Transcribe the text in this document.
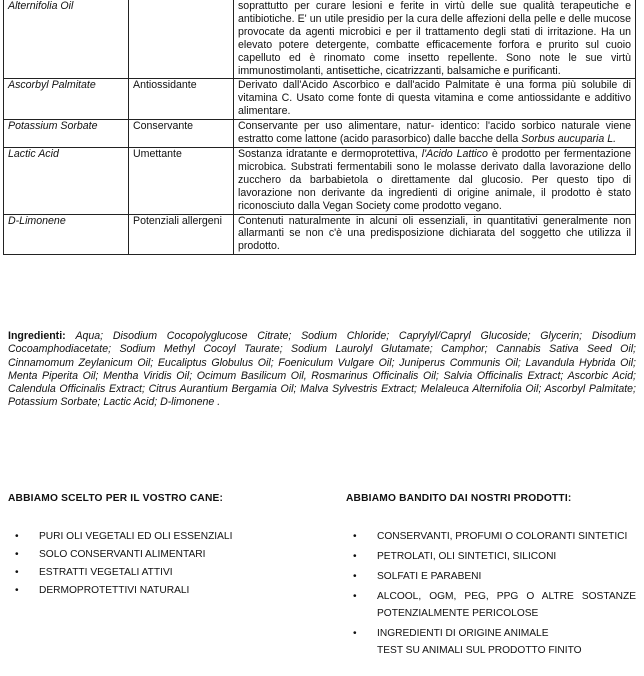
Alternifolia Oil		soprattutto per curare lesioni e ferite in virtù delle sue qualità terapeutiche e antibiotiche. E' un utile presidio per la cura delle affezioni della pelle e delle mucose provocate da agenti microbici e per il trattamento degli stati di irritazione. Ha un elevato potere detergente, combatte efficacemente forfora e prurito sul cuoio capelluto ed è rinomato come insetto repellente. Sono note le sue virtù immunostimolanti, antisettiche, cicatrizzanti, balsamiche e purificanti.
Ascorbyl Palmitate	Antiossidante	Derivato dall'Acido Ascorbico e dall'acido Palmitate è una forma più solubile di vitamina C. Usato come fonte di questa vitamina e come antiossidante e additivo alimentare.
Potassium Sorbate	Conservante	Conservante per uso alimentare, natur- identico: l'acido sorbico naturale viene estratto come lattone (acido parasorbico) dalle bacche della Sorbus aucuparia L.
Lactic Acid	Umettante	Sostanza idratante e dermoprotettiva, l'Acido Lattico è prodotto per fermentazione microbica. Substrati fermentabili sono le molasse derivato dalla lavorazione dello zucchero da barbabietola o direttamente dal glucosio. Per questo tipo di lavorazione non derivante da ingredienti di origine animale, il prodotto è stato riconosciuto dalla Vegan Society come prodotto vegano.
D-Limonene	Potenziali allergeni	Contenuti naturalmente in alcuni oli essenziali, in quantitativi generalmente non allarmanti se non c'è una predisposizione dichiarata del soggetto che utilizza il prodotto.
Ingredienti: Aqua; Disodium Cocopolyglucose Citrate; Sodium Chloride; Caprylyl/Capryl Glucoside; Glycerin; Disodium Cocoamphodiacetate; Sodium Methyl Cocoyl Taurate; Sodium Laurolyl Glutamate; Camphor; Cannabis Sativa Seed Oil; Cinnamomum Zeylanicum Oil; Eucaliptus Globulus Oil; Foeniculum Vulgare Oil; Juniperus Communis Oil; Lavandula Hybrida Oil; Menta Piperita Oil; Mentha Viridis Oil; Ocimum Basilicum Oil, Rosmarinus Officinalis Oil; Salvia Officinalis Extract; Ascorbic Acid; Calendula Officinalis Extract; Citrus Aurantium Bergamia Oil; Malva Sylvestris Extract; Melaleuca Alternifolia Oil; Ascorbyl Palmitate; Potassium Sorbate; Lactic Acid; D-limonene .
ABBIAMO SCELTO PER IL VOSTRO CANE:
• PURI OLI VEGETALI ED OLI ESSENZIALI
• SOLO CONSERVANTI ALIMENTARI
• ESTRATTI VEGETALI ATTIVI
• DERMOPROTETTIVI NATURALI
ABBIAMO BANDITO DAI NOSTRI PRODOTTI:
• CONSERVANTI, PROFUMI O COLORANTI SINTETICI
• PETROLATI, OLI SINTETICI, SILICONI
• SOLFATI E PARABENI
• ALCOOL, OGM, PEG, PPG O ALTRE SOSTANZE POTENZIALMENTE PERICOLOSE
• INGREDIENTI DI ORIGINE ANIMALE
TEST SU ANIMALI SUL PRODOTTO FINITO
